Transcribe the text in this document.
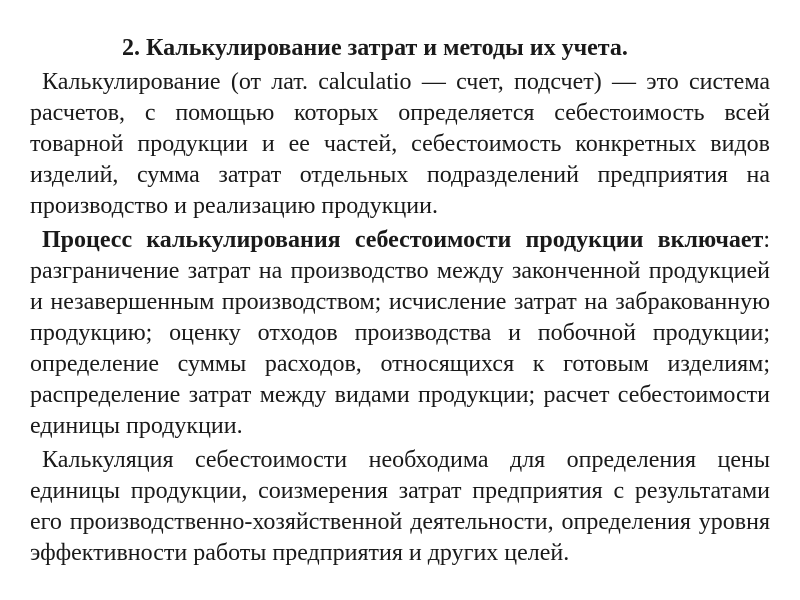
2. Калькулирование затрат и методы их учета.

Калькулирование (от лат. calculatio — счет, подсчет) — это система расчетов, с помощью которых определяется себестоимость всей товарной продукции и ее частей, себестоимость конкретных видов изделий, сумма затрат отдельных подразделений предприятия на производство и реализацию продукции.

Процесс калькулирования себестоимости продукции включает: разграничение затрат на производство между законченной продукцией и незавершенным производством; исчисление затрат на забракованную продукцию; оценку отходов производства и побочной продукции; определение суммы расходов, относящихся к готовым изделиям; распределение затрат между видами продукции; расчет себестоимости единицы продукции.

Калькуляция себестоимости необходима для определения цены единицы продукции, соизмерения затрат предприятия с результатами его производственно-хозяйственной деятельности, определения уровня эффективности работы предприятия и других целей.
